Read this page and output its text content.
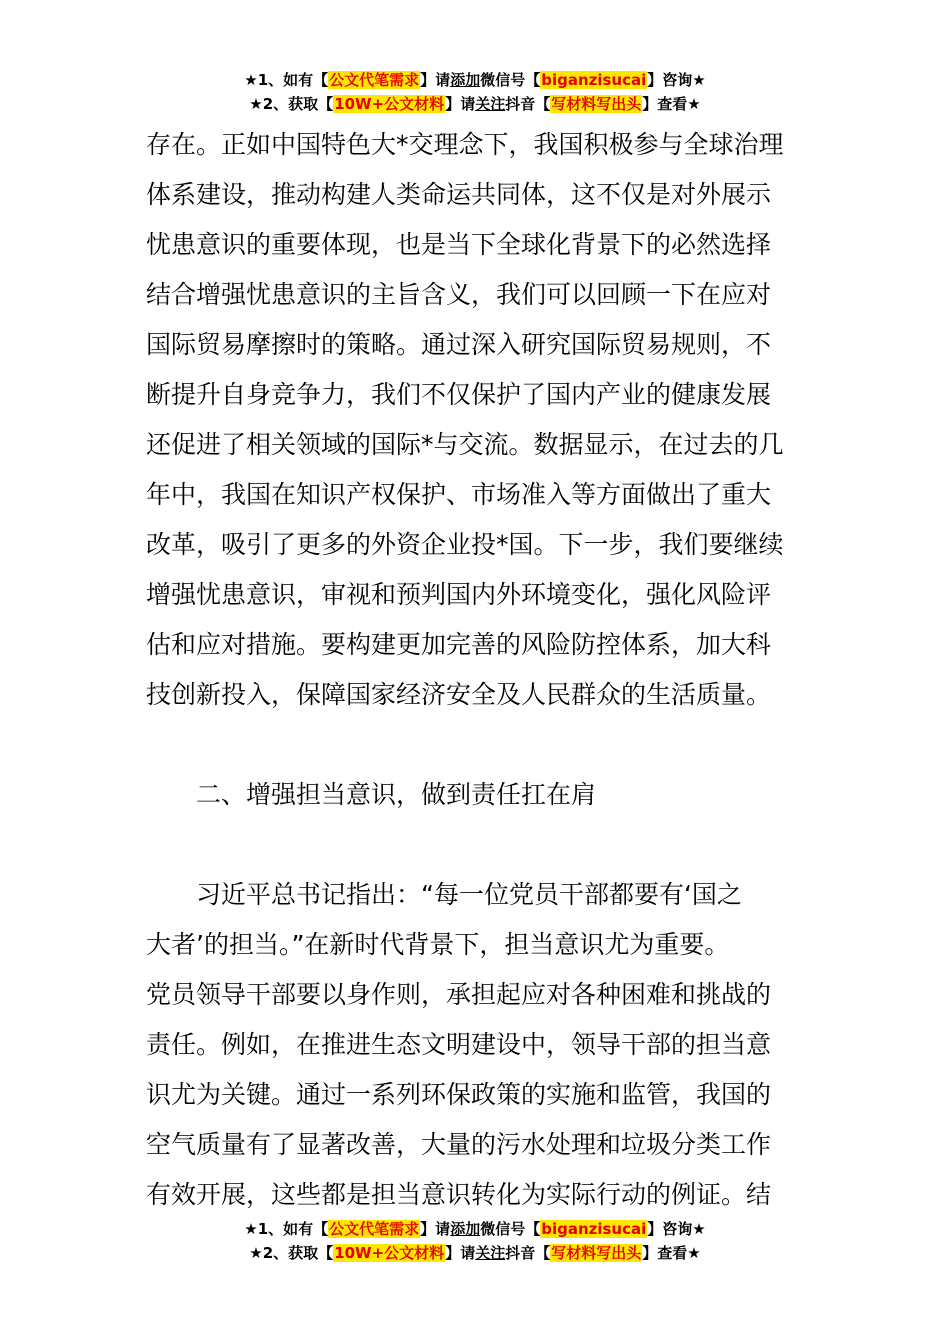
★1、如有【公文代笔需求】请添加微信号【biganzisucai】咨询★
★2、获取【10W+公文材料】请关注抖音【写材料写出头】查看★
存在。正如中国特色大*交理念下，我国积极参与全球治理
体系建设，推动构建人类命运共同体，这不仅是对外展示
忧患意识的重要体现，也是当下全球化背景下的必然选择
结合增强忧患意识的主旨含义，我们可以回顾一下在应对
国际贸易摩擦时的策略。通过深入研究国际贸易规则，不
断提升自身竞争力，我们不仅保护了国内产业的健康发展
还促进了相关领域的国际*与交流。数据显示，在过去的几
年中，我国在知识产权保护、市场准入等方面做出了重大
改革，吸引了更多的外资企业投*国。下一步，我们要继续
增强忧患意识，审视和预判国内外环境变化，强化风险评
估和应对措施。要构建更加完善的风险防控体系，加大科
技创新投入，保障国家经济安全及人民群众的生活质量。
二、增强担当意识，做到责任扛在肩
习近平总书记指出：“每一位党员干部都要有‘国之
大者’的担当。”在新时代背景下，担当意识尤为重要。
党员领导干部要以身作则，承担起应对各种困难和挑战的
责任。例如，在推进生态文明建设中，领导干部的担当意
识尤为关键。通过一系列环保政策的实施和监管，我国的
空气质量有了显著改善，大量的污水处理和垃圾分类工作
有效开展，这些都是担当意识转化为实际行动的例证。结
★1、如有【公文代笔需求】请添加微信号【biganzisucai】咨询★
★2、获取【10W+公文材料】请关注抖音【写材料写出头】查看★
